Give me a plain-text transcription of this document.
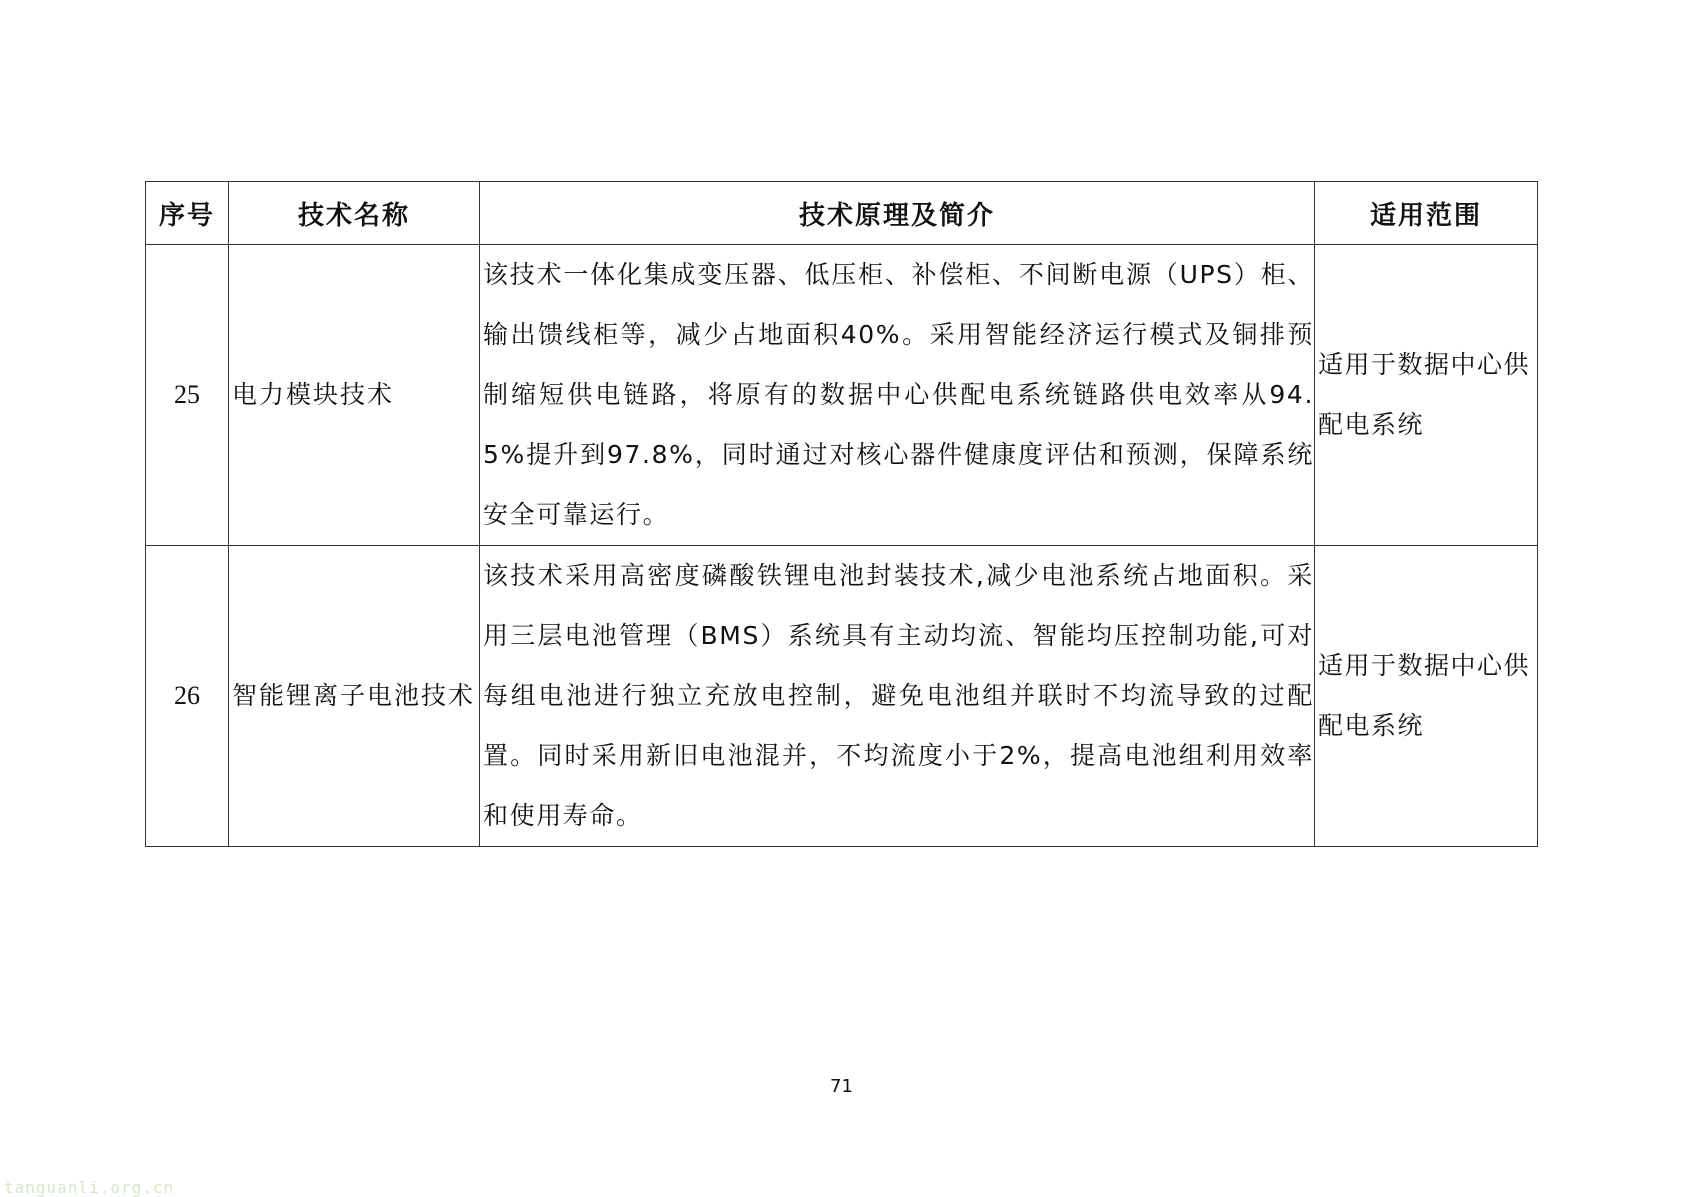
序号	技术名称	技术原理及简介	适用范围
25	电力模块技术	该技术一体化集成变压器、低压柜、补偿柜、不间断电源（UPS）柜、输出馈线柜等，减少占地面积40%。采用智能经济运行模式及铜排预制缩短供电链路，将原有的数据中心供配电系统链路供电效率从94.5%提升到97.8%，同时通过对核心器件健康度评估和预测，保障系统安全可靠运行。	适用于数据中心供配电系统
26	智能锂离子电池技术	该技术采用高密度磷酸铁锂电池封装技术,减少电池系统占地面积。采用三层电池管理（BMS）系统具有主动均流、智能均压控制功能,可对每组电池进行独立充放电控制，避免电池组并联时不均流导致的过配置。同时采用新旧电池混并，不均流度小于2%，提高电池组利用效率和使用寿命。	适用于数据中心供配电系统
71
tanguanli.org.cn
